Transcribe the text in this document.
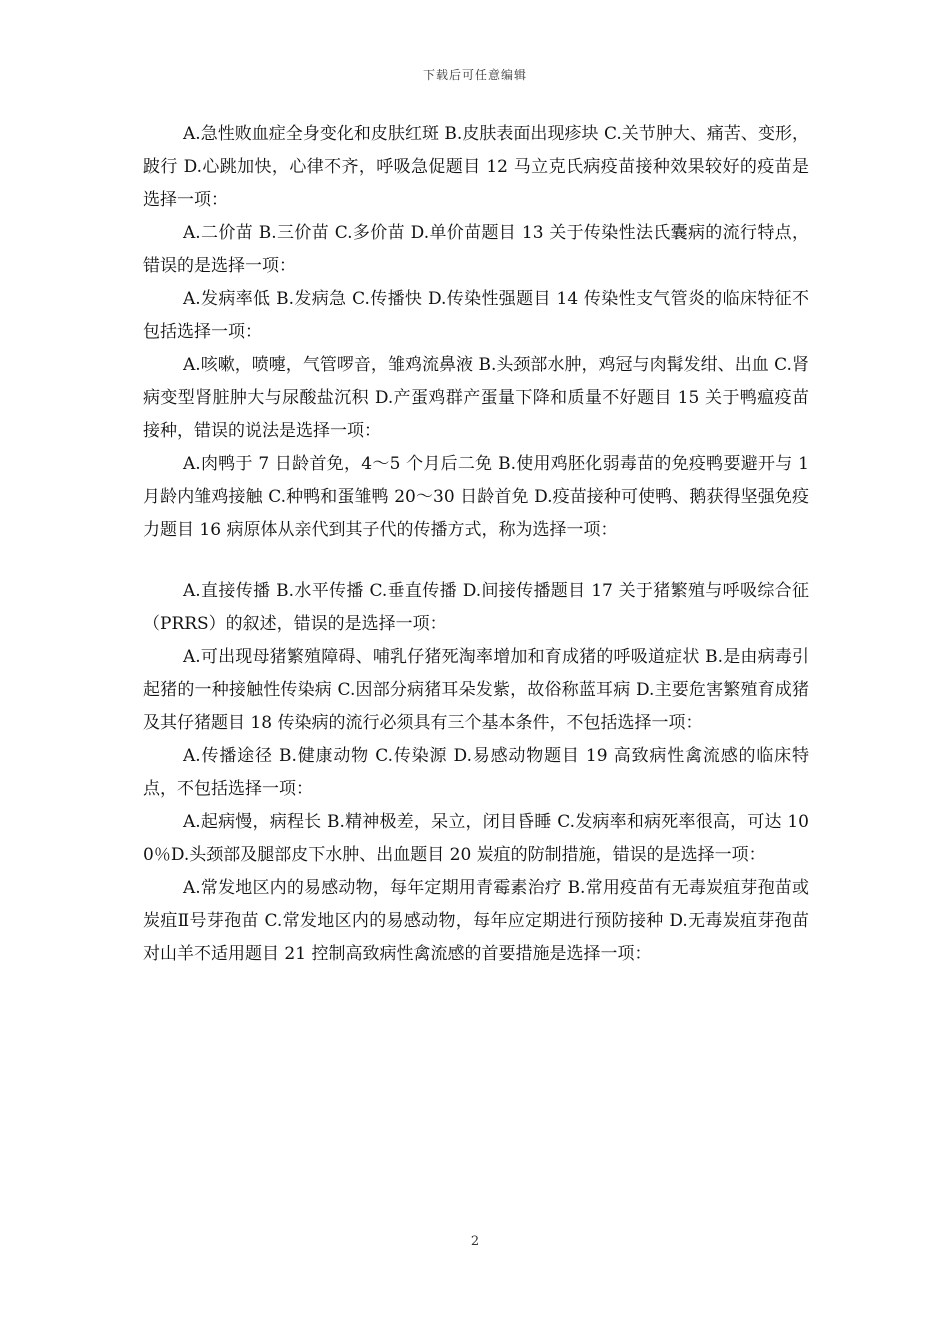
下载后可任意编辑

A.急性败血症全身变化和皮肤红斑 B.皮肤表面出现疹块 C.关节肿大、痛苦、变形，跛行 D.心跳加快，心律不齐，呼吸急促题目 12 马立克氏病疫苗接种效果较好的疫苗是选择一项：

A.二价苗 B.三价苗 C.多价苗 D.单价苗题目 13 关于传染性法氏囊病的流行特点，错误的是选择一项：

A.发病率低 B.发病急 C.传播快 D.传染性强题目 14 传染性支气管炎的临床特征不包括选择一项：

A.咳嗽，喷嚏，气管啰音，雏鸡流鼻液 B.头颈部水肿，鸡冠与肉髯发绀、出血 C.肾病变型肾脏肿大与尿酸盐沉积 D.产蛋鸡群产蛋量下降和质量不好题目 15 关于鸭瘟疫苗接种，错误的说法是选择一项：

A.肉鸭于 7 日龄首免，4～5 个月后二免 B.使用鸡胚化弱毒苗的免疫鸭要避开与 1 月龄内雏鸡接触 C.种鸭和蛋雏鸭 20～30 日龄首免 D.疫苗接种可使鸭、鹅获得坚强免疫力题目 16 病原体从亲代到其子代的传播方式，称为选择一项：

A.直接传播 B.水平传播 C.垂直传播 D.间接传播题目 17 关于猪繁殖与呼吸综合征（PRRS）的叙述，错误的是选择一项：

A.可出现母猪繁殖障碍、哺乳仔猪死淘率增加和育成猪的呼吸道症状 B.是由病毒引起猪的一种接触性传染病 C.因部分病猪耳朵发紫，故俗称蓝耳病 D.主要危害繁殖育成猪及其仔猪题目 18 传染病的流行必须具有三个基本条件，不包括选择一项：

A.传播途径 B.健康动物 C.传染源 D.易感动物题目 19 高致病性禽流感的临床特点，不包括选择一项：

A.起病慢，病程长 B.精神极差，呆立，闭目昏睡 C.发病率和病死率很高，可达 100％D.头颈部及腿部皮下水肿、出血题目 20 炭疽的防制措施，错误的是选择一项：

A.常发地区内的易感动物，每年定期用青霉素治疗 B.常用疫苗有无毒炭疽芽孢苗或炭疽Ⅱ号芽孢苗 C.常发地区内的易感动物，每年应定期进行预防接种 D.无毒炭疽芽孢苗对山羊不适用题目 21 控制高致病性禽流感的首要措施是选择一项：

2
